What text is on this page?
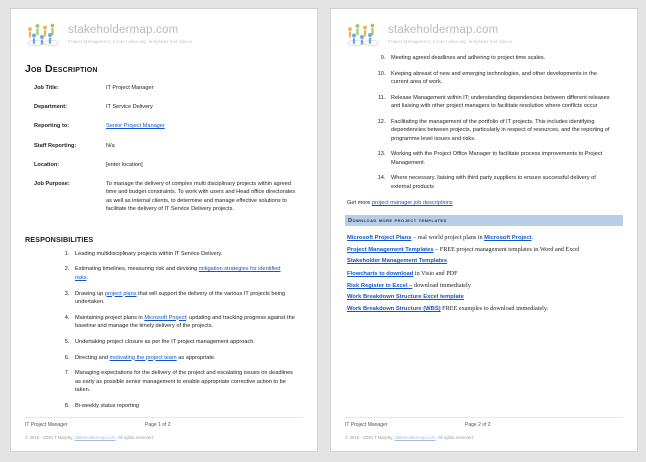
stakeholdermap.com
Project Management, project planning, templates and advice
Job Description
Job Title:	IT Project Manager
Department:	IT Service Delivery
Reporting to:	Senior Project Manager
Staff Reporting:	N/a
Location:	[enter location]
Job Purpose:	To manage the delivery of complex multi disciplinary projects within agreed time and budget constraints. To work with users and Head office directorates as well as internal clients, to determine and manage effective solutions to facilitate the delivery of IT Service Delivery projects.
RESPONSIBILITIES
1. Leading multidisciplinary projects within IT Service Delivery.
2. Estimating timelines, measuring risk and devising mitigation strategies for identified risks.
3. Drawing up project plans that will support the delivery of the various IT projects being undertaken.
4. Maintaining project plans in Microsoft Project; updating and tracking progress against the baseline and manage the timely delivery of the projects.
5. Undertaking project closure as per the IT project management approach.
6. Directing and motivating the project team as appropriate.
7. Managing expectations for the delivery of the project and escalating issues on deadlines as early as possible senior management to enable appropriate corrective action to be taken.
8. Bi-weekly status reporting
IT Project Manager	Page 1 of 2
© 2015 - 2020 T Morphy, stakeholdermap.com. All rights reserved.
stakeholdermap.com
Project Management, project planning, templates and advice
9. Meeting agreed deadlines and adhering to project time scales.
10. Keeping abreast of new and emerging technologies, and other developments in the current area of work.
11. Release Management within IT; understanding dependencies between different releases and liaising with other project managers to facilitate resolution where conflicts occur
12. Facilitating the management of the portfolio of IT projects. This includes identifying dependencies between projects, particularly in respect of resources, and the reporting of programme level issues and risks.
13. Working with the Project Office Manager to facilitate process improvements to Project Management.
14. Where necessary, liaising with third party suppliers to ensure successful delivery of external products
Get more project manager job descriptions
Download more project templates
Microsoft Project Plans – real world project plans in Microsoft Project.
Project Management Templates – FREE project management templates in Word and Excel
Stakeholder Management Templates
Flowcharts to download in Visio and PDF
Risk Register in Excel – download immediately
Work Breakdown Structure Excel template
Work Breakdown Structure (WBS) FREE examples to download immediately.
IT Project Manager	Page 2 of 2
© 2015 - 2020 T Morphy, stakeholdermap.com. All rights reserved.
